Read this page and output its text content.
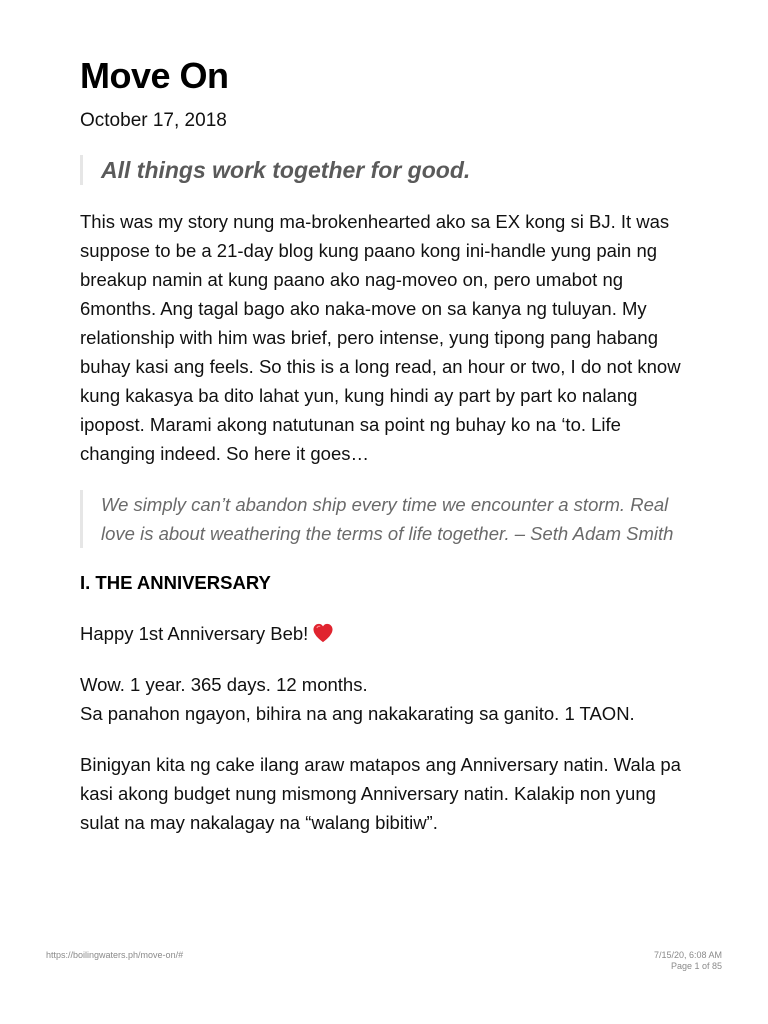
Move On
October 17, 2018
All things work together for good.

This was my story nung ma-brokenhearted ako sa EX kong si BJ. It was suppose to be a 21-day blog kung paano kong ini-handle yung pain ng breakup namin at kung paano ako nag-moveo on, pero umabot ng 6months. Ang tagal bago ako naka-move on sa kanya ng tuluyan. My relationship with him was brief, pero intense, yung tipong pang habang buhay kasi ang feels. So this is a long read, an hour or two, I do not know kung kakasya ba dito lahat yun, kung hindi ay part by part ko nalang ipopost. Marami akong natutunan sa point ng buhay ko na ‘to. Life changing indeed. So here it goes…

We simply can’t abandon ship every time we encounter a storm. Real love is about weathering the terms of life together. – Seth Adam Smith

I. THE ANNIVERSARY

Happy 1st Anniversary Beb!

Wow. 1 year. 365 days. 12 months.
Sa panahon ngayon, bihira na ang nakakarating sa ganito. 1 TAON.

Binigyan kita ng cake ilang araw matapos ang Anniversary natin. Wala pa kasi akong budget nung mismong Anniversary natin. Kalakip non yung sulat na may nakalagay na “walang bibitiw”.

https://boilingwaters.ph/move-on/#	7/15/20, 6:08 AM
Page 1 of 85
